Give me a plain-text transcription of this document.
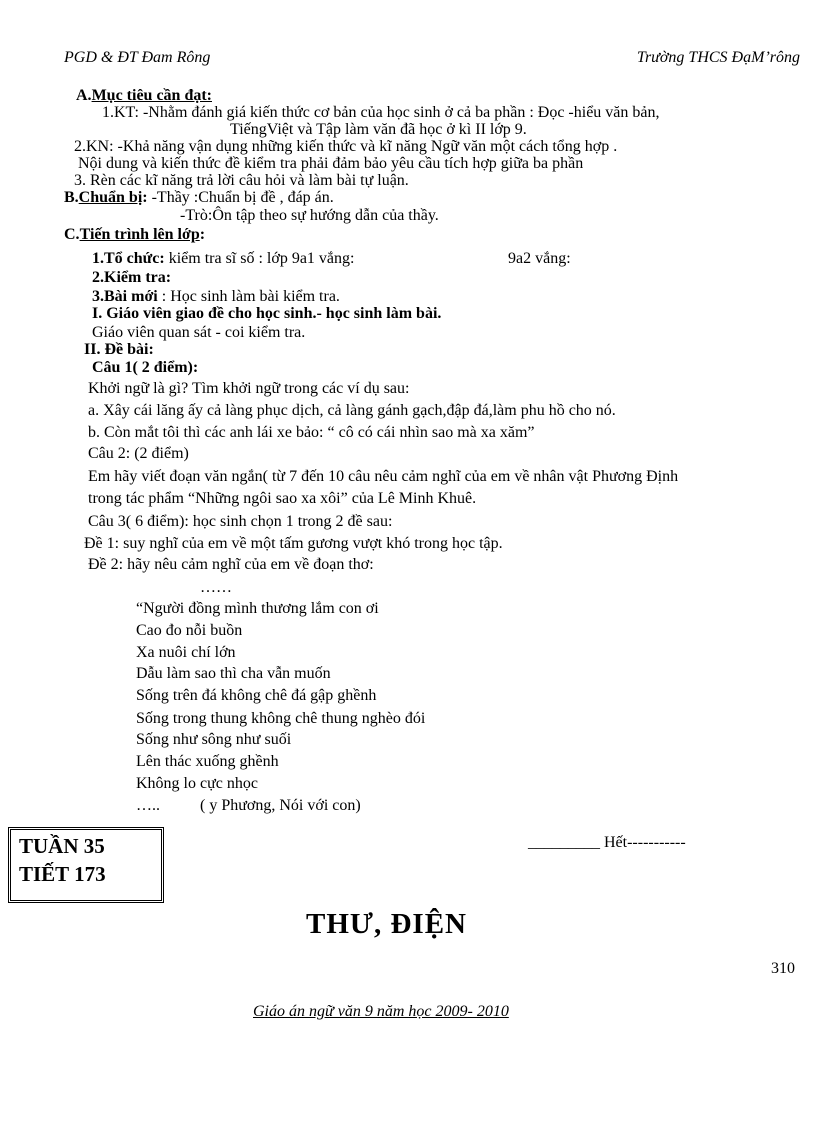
PGD & ĐT Đam Rông	Trường THCS ĐạM’rông
A.Mục tiêu cần đạt:
1.KT: -Nhằm đánh giá kiến thức cơ bản của học sinh ở cả ba phần : Đọc -hiểu văn bản,
TiếngViệt và Tập làm văn đã học ở kì II lớp 9.
2.KN: -Khả năng vận dụng những kiến thức và kĩ năng Ngữ văn một cách tổng hợp .
Nội dung và kiến thức đề kiểm tra phải đảm bảo yêu cầu tích hợp giữa ba phần
3. Rèn các kĩ năng trả lời câu hỏi và làm bài tự luận.
B.Chuẩn bị: -Thầy :Chuẩn bị đề , đáp án.
-Trò:Ôn tập theo sự hướng dẫn của thầy.
C.Tiến trình lên lớp:
1.Tổ chức: kiểm tra sĩ số : lớp 9a1 vắng:	9a2 vắng:
2.Kiểm tra:
3.Bài mới : Học sinh làm bài kiểm tra.
I. Giáo viên giao đề cho học sinh.- học sinh làm bài.
Giáo viên quan sát - coi kiểm tra.
II. Đề bài:
Câu 1( 2 điểm):
Khởi ngữ là gì? Tìm khởi ngữ trong các ví dụ sau:
a. Xây cái lăng ấy cả làng phục dịch, cả làng gánh gạch,đập đá,làm phu hồ cho nó.
b. Còn mắt tôi thì các anh lái xe bảo: “ cô có cái nhìn sao mà xa xăm”
Câu 2: (2 điểm)
Em hãy viết đoạn văn ngắn( từ 7 đến 10 câu nêu cảm nghĩ của em về nhân vật Phương Định
trong tác phẩm “Những ngôi sao xa xôi” của Lê Minh Khuê.
Câu 3( 6 điểm): học sinh chọn 1 trong 2 đề sau:
Đề 1: suy nghĩ của em về một tấm gương vượt khó trong học tập.
Đề 2: hãy nêu cảm nghĩ của em về đoạn thơ:
……
“Người đồng mình thương lắm con ơi
Cao đo nỗi buồn
Xa nuôi chí lớn
Dẫu làm sao thì cha vẫn muốn
Sống trên đá không chê đá gập ghềnh
Sống trong thung không chê thung nghèo đói
Sống như sông như suối
Lên thác xuống ghềnh
Không lo cực nhọc
…..          ( y Phương, Nói với con)
_________ Hết-----------
TUẦN 35
TIẾT 173
THƯ, ĐIỆN
310
Giáo án ngữ văn 9 năm học 2009- 2010
